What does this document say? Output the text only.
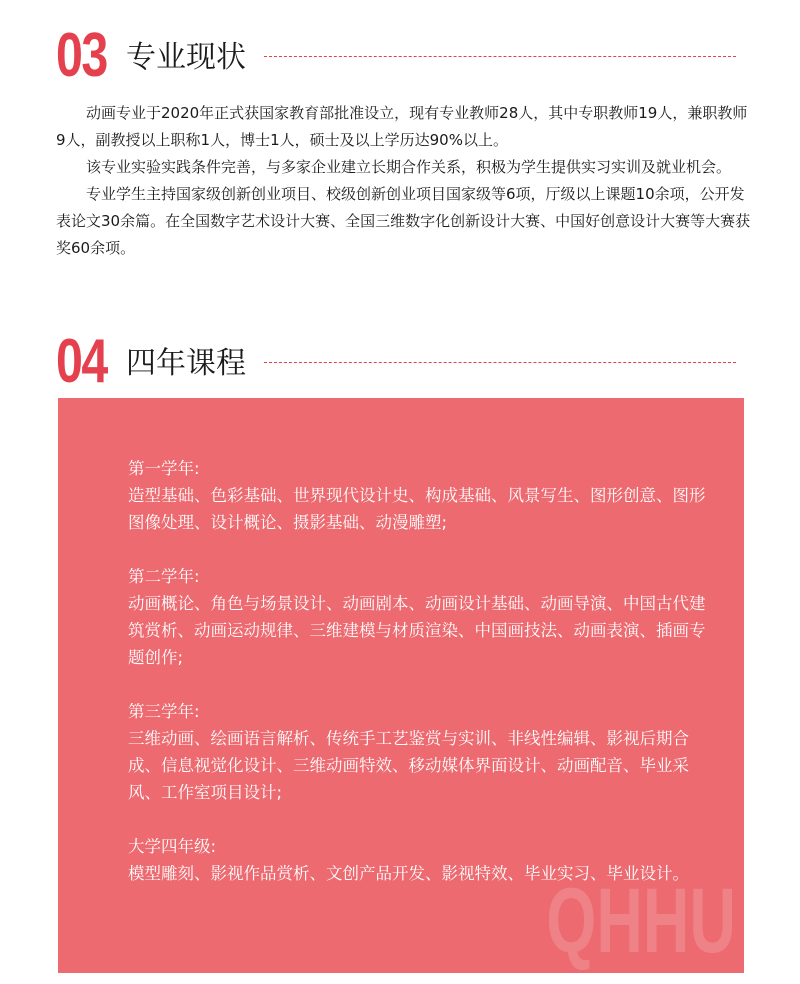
03 专业现状

动画专业于2020年正式获国家教育部批准设立，现有专业教师28人，其中专职教师19人，兼职教师9人，副教授以上职称1人，博士1人，硕士及以上学历达90%以上。

该专业实验实践条件完善，与多家企业建立长期合作关系，积极为学生提供实习实训及就业机会。

专业学生主持国家级创新创业项目、校级创新创业项目国家级等6项，厅级以上课题10余项，公开发表论文30余篇。在全国数字艺术设计大赛、全国三维数字化创新设计大赛、中国好创意设计大赛等大赛获奖60余项。

04 四年课程
QHHU

第一学年:

造型基础、色彩基础、世界现代设计史、构成基础、风景写生、图形创意、图形图像处理、设计概论、摄影基础、动漫雕塑;

第二学年:

动画概论、角色与场景设计、动画剧本、动画设计基础、动画导演、中国古代建筑赏析、动画运动规律、三维建模与材质渲染、中国画技法、动画表演、插画专题创作;

第三学年:

三维动画、绘画语言解析、传统手工艺鉴赏与实训、非线性编辑、影视后期合成、信息视觉化设计、三维动画特效、移动媒体界面设计、动画配音、毕业采风、工作室项目设计;

大学四年级:

模型雕刻、影视作品赏析、文创产品开发、影视特效、毕业实习、毕业设计。
